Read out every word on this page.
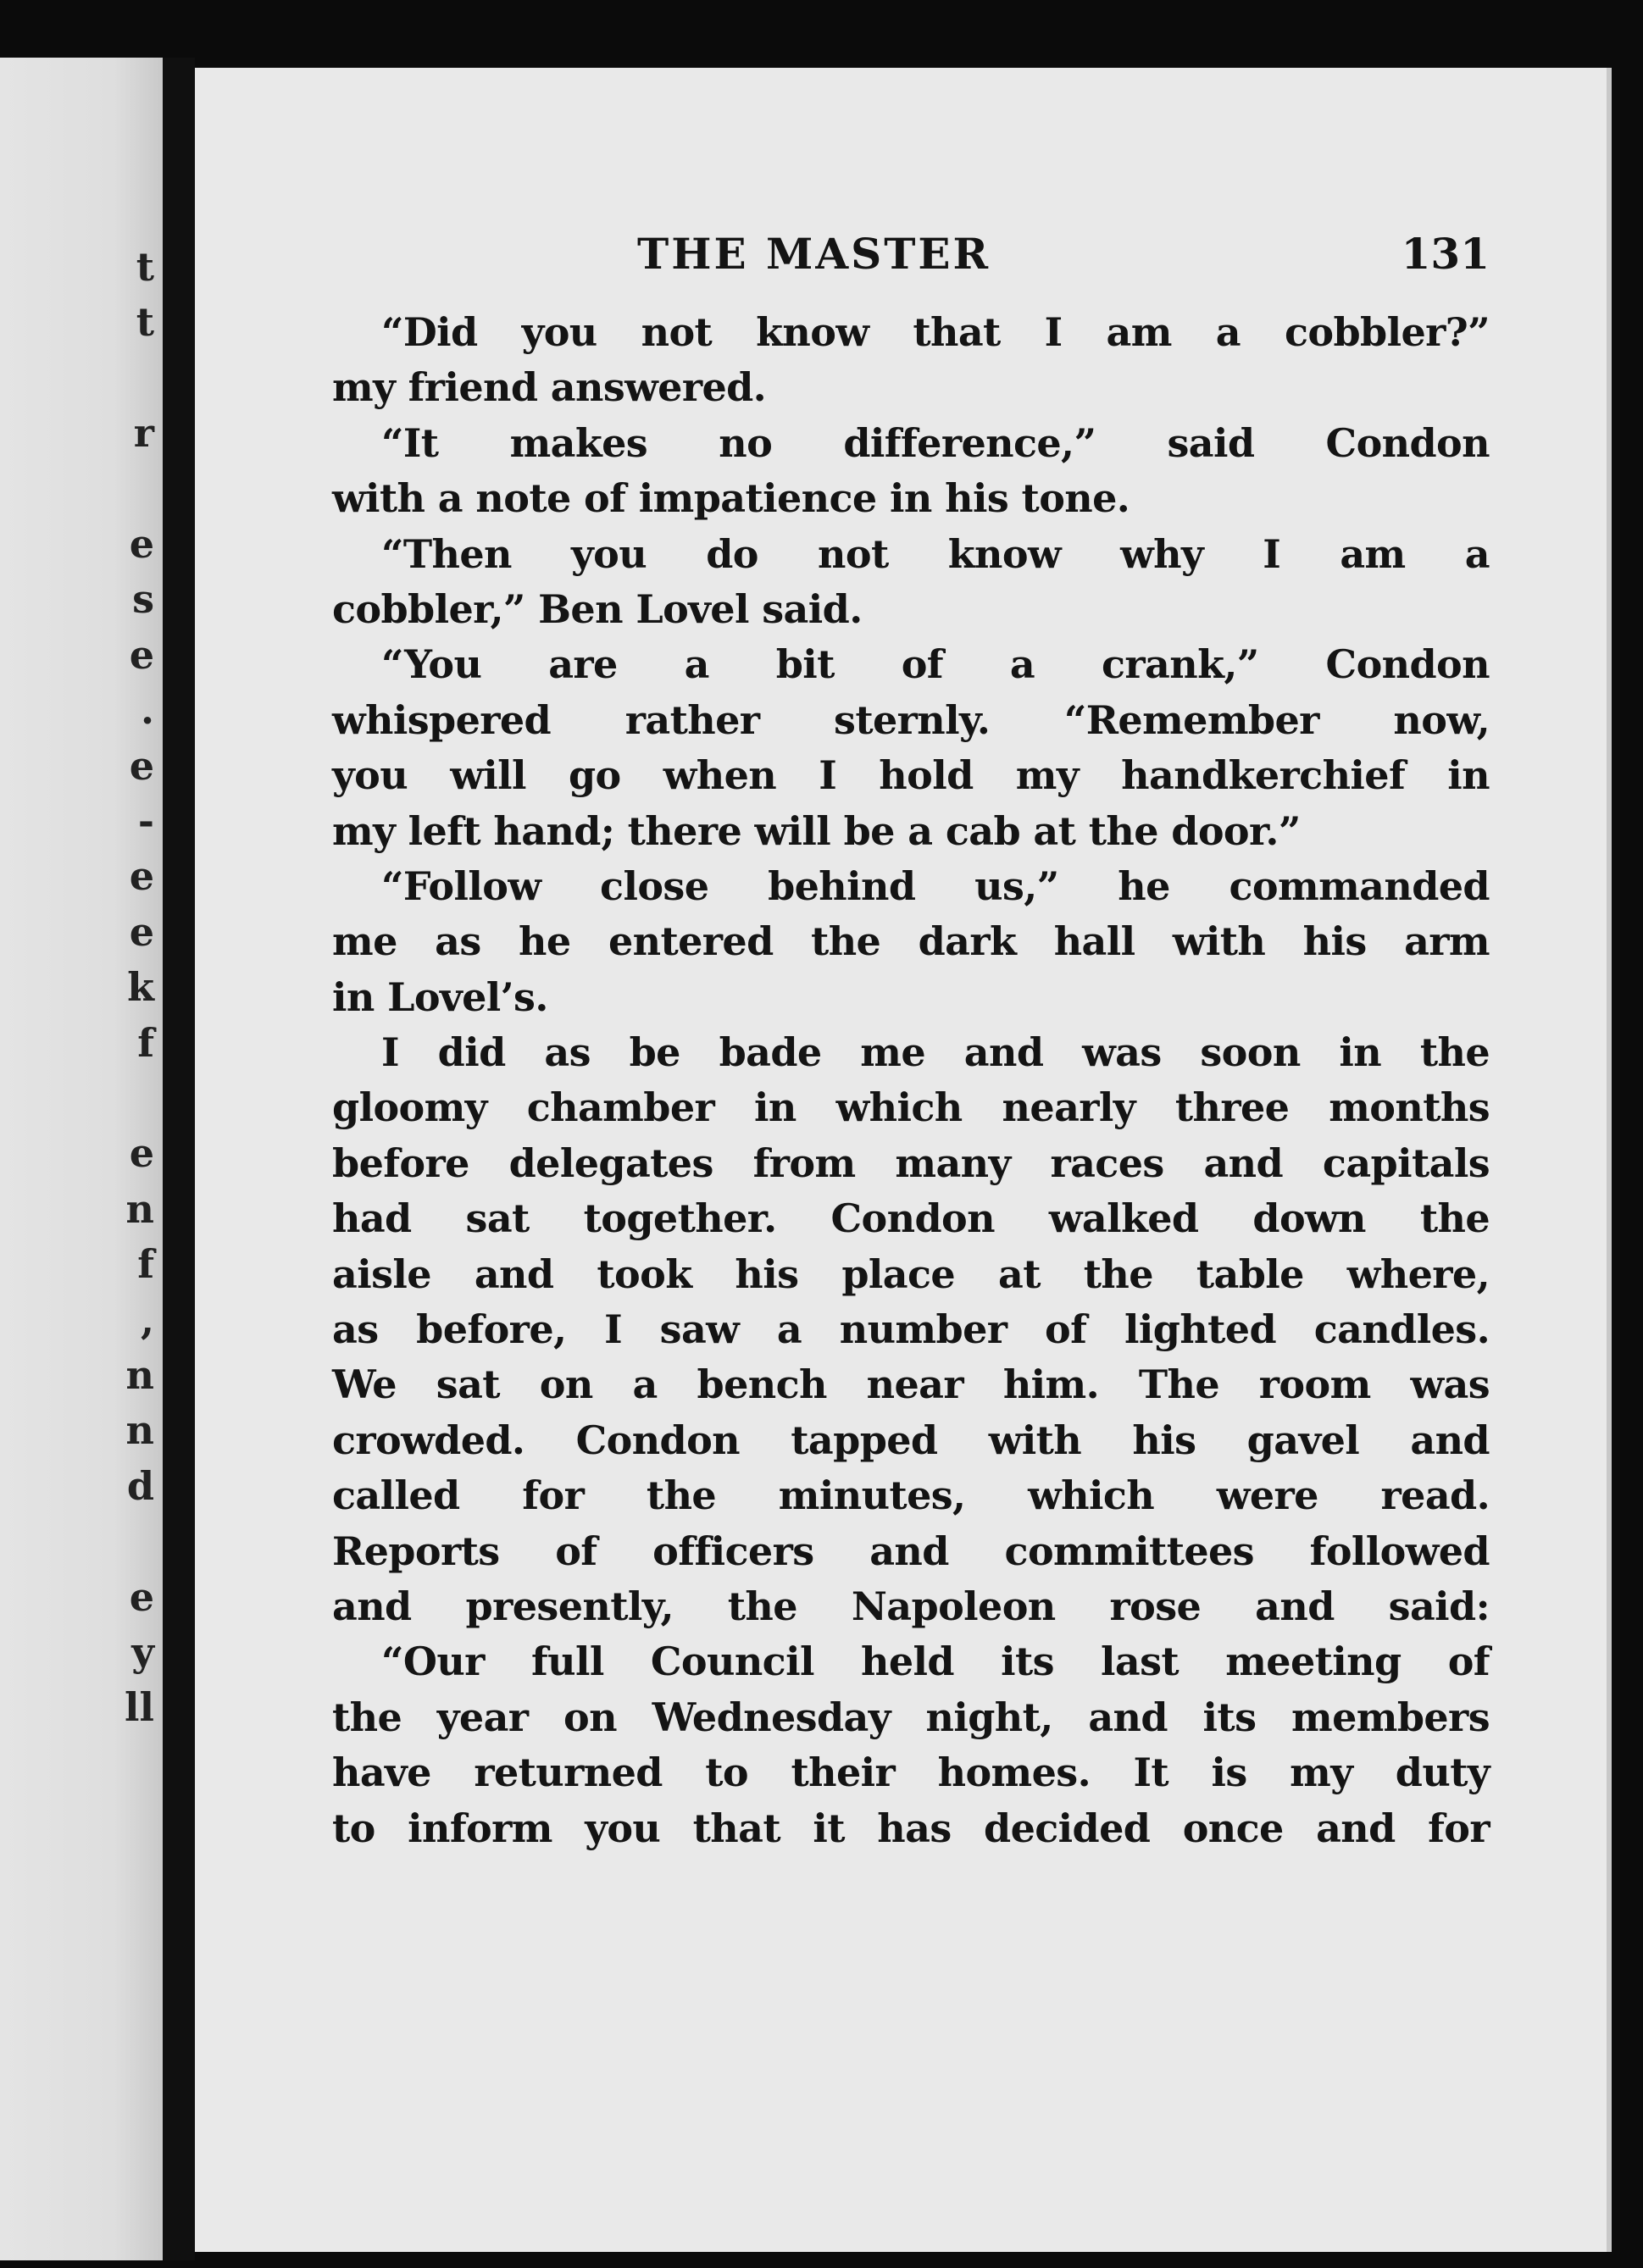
t
t
r
e
s
e
.
e
-
e
e
k
f
e
n
f
,
n
n
d
e
y
ll
THE MASTER	131
“Did you not know that I am a cobbler?”
my friend answered.
“It makes no difference,” said Condon
with a note of impatience in his tone.
“Then you do not know why I am a
cobbler,” Ben Lovel said.
“You are a bit of a crank,” Condon
whispered rather sternly. “Remember now,
you will go when I hold my handkerchief in
my left hand; there will be a cab at the door.”
“Follow close behind us,” he commanded
me as he entered the dark hall with his arm
in Lovel’s.
I did as be bade me and was soon in the
gloomy chamber in which nearly three months
before delegates from many races and capitals
had sat together. Condon walked down the
aisle and took his place at the table where,
as before, I saw a number of lighted candles.
We sat on a bench near him. The room was
crowded. Condon tapped with his gavel and
called for the minutes, which were read.
Reports of officers and committees followed
and presently, the Napoleon rose and said:
“Our full Council held its last meeting of
the year on Wednesday night, and its members
have returned to their homes. It is my duty
to inform you that it has decided once and for
